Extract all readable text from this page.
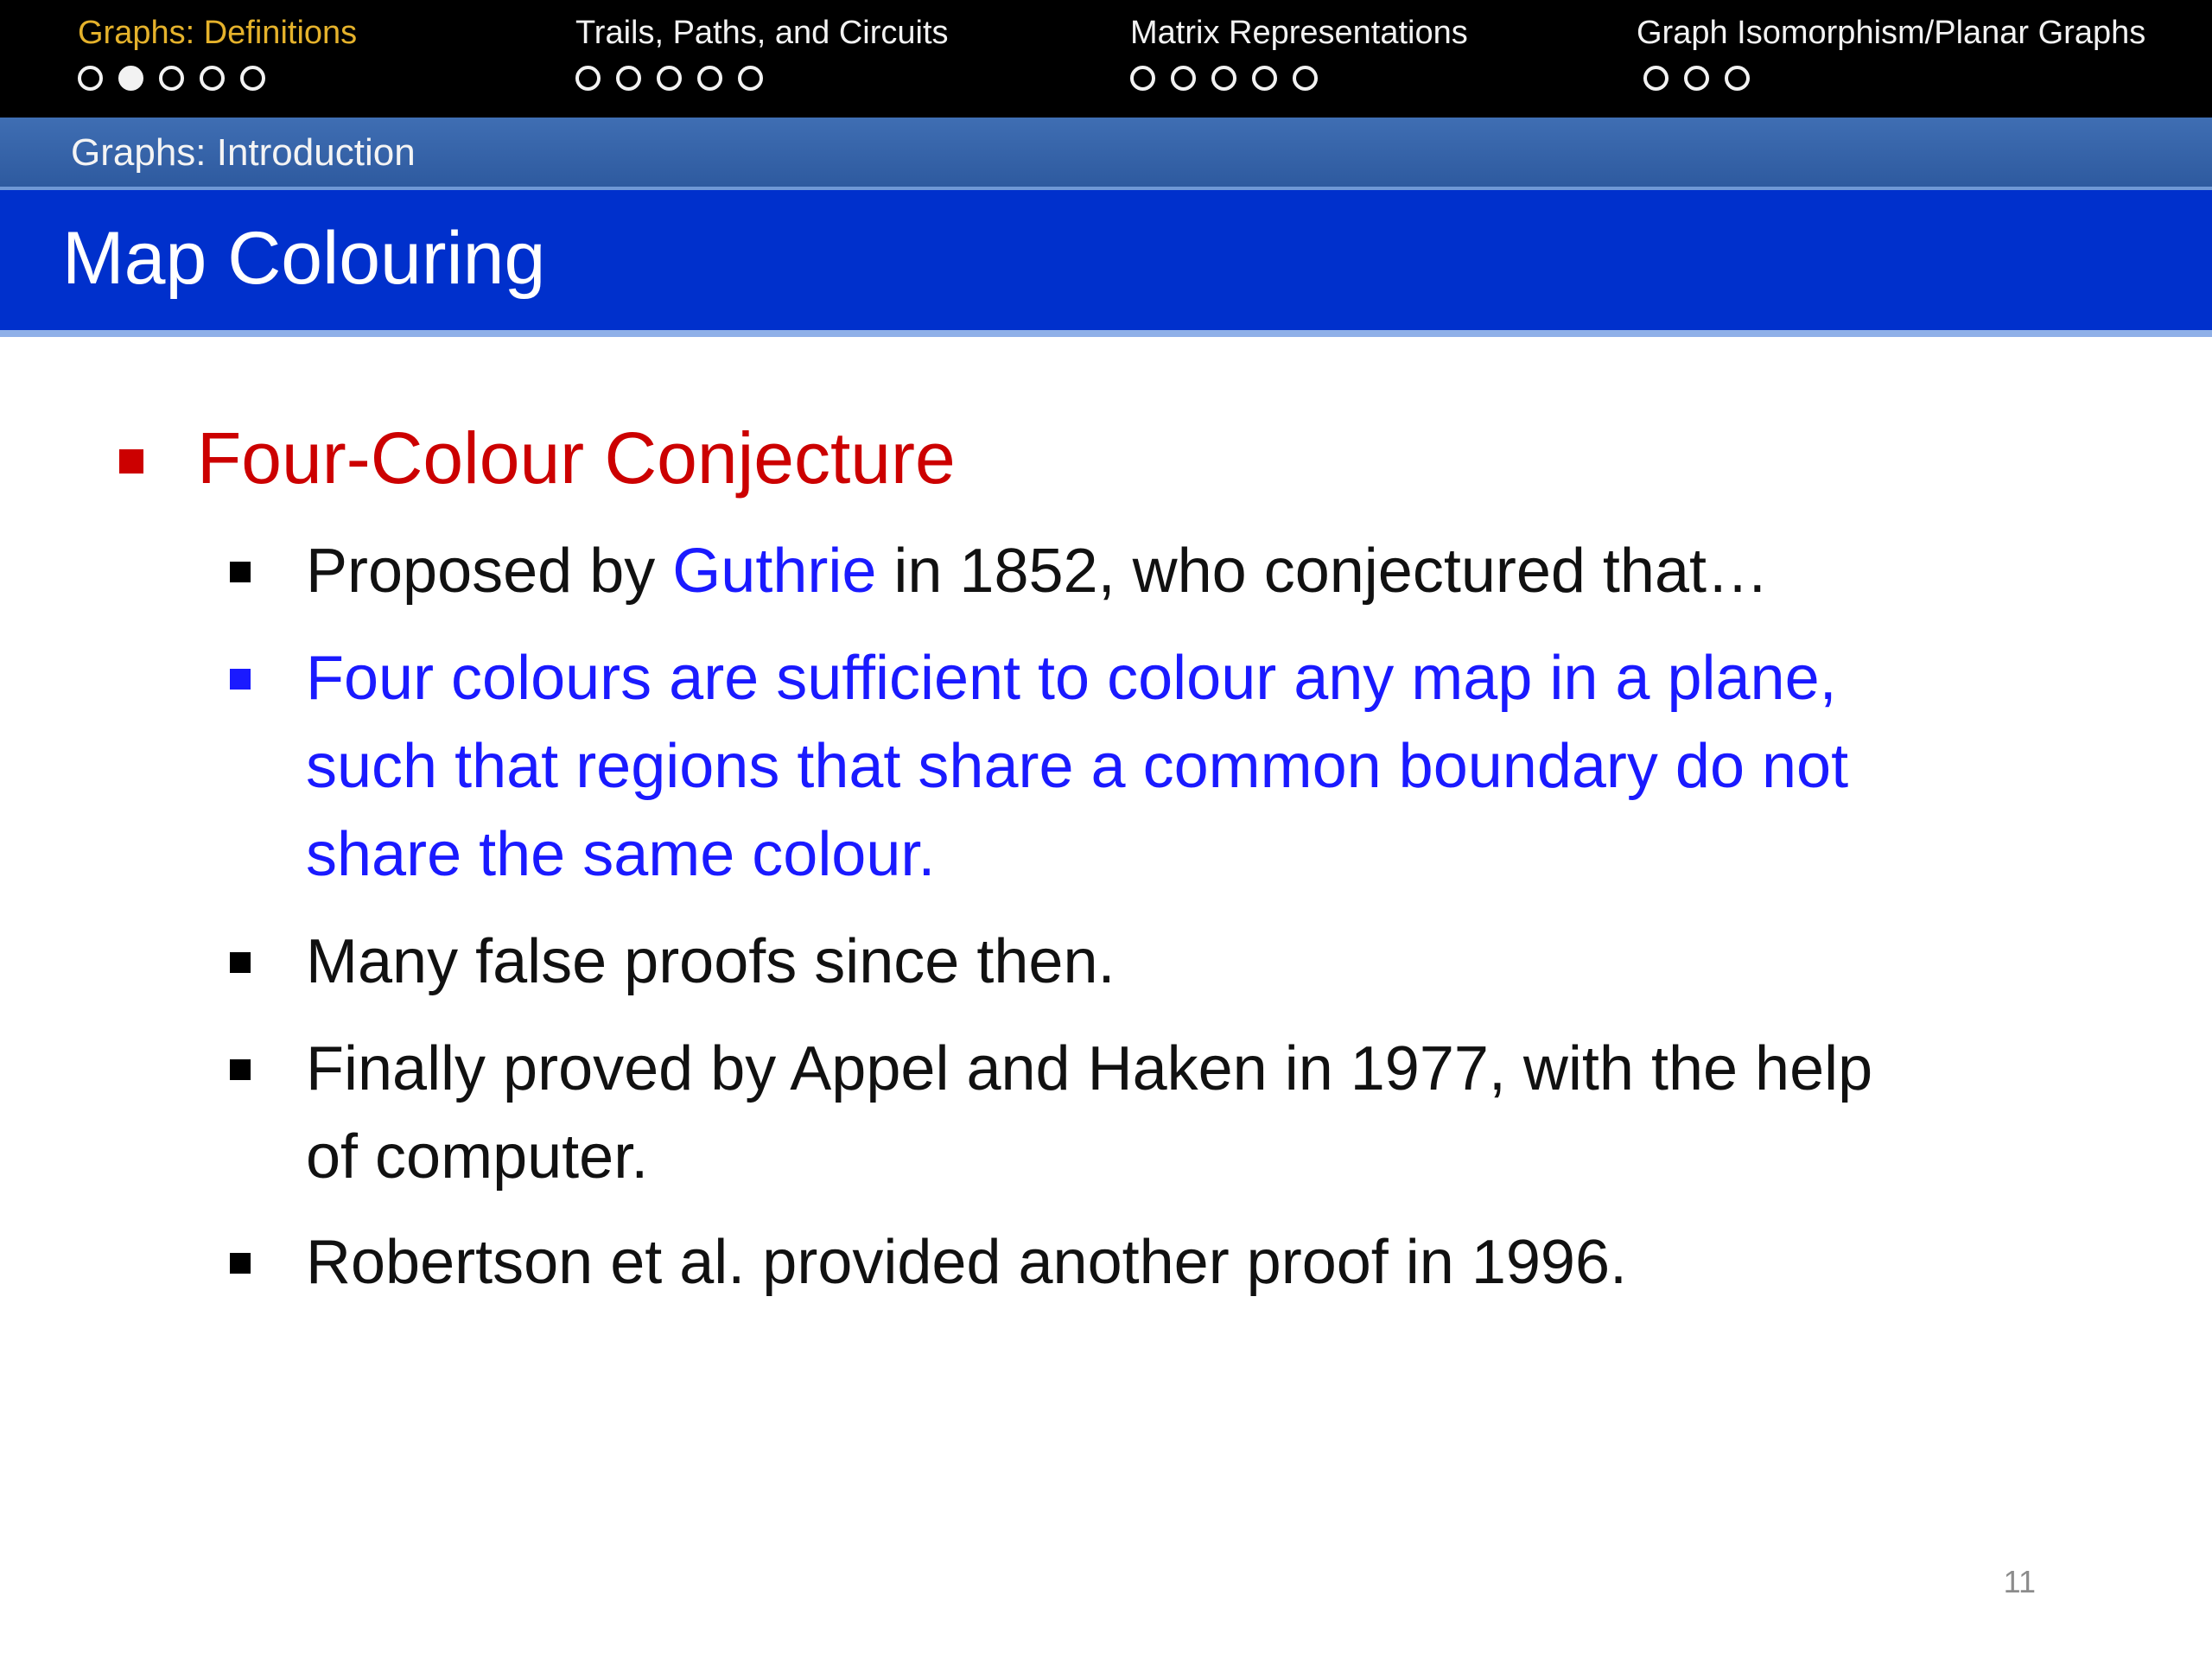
Graphs: Definitions	Trails, Paths, and Circuits	Matrix Representations	Graph Isomorphism/Planar Graphs
Graphs: Introduction
Map Colouring
Four-Colour Conjecture
Proposed by Guthrie in 1852, who conjectured that…
Four colours are sufficient to colour any map in a plane,
such that regions that share a common boundary do not
share the same colour.
Many false proofs since then.
Finally proved by Appel and Haken in 1977, with the help
of computer.
Robertson et al. provided another proof in 1996.
11
